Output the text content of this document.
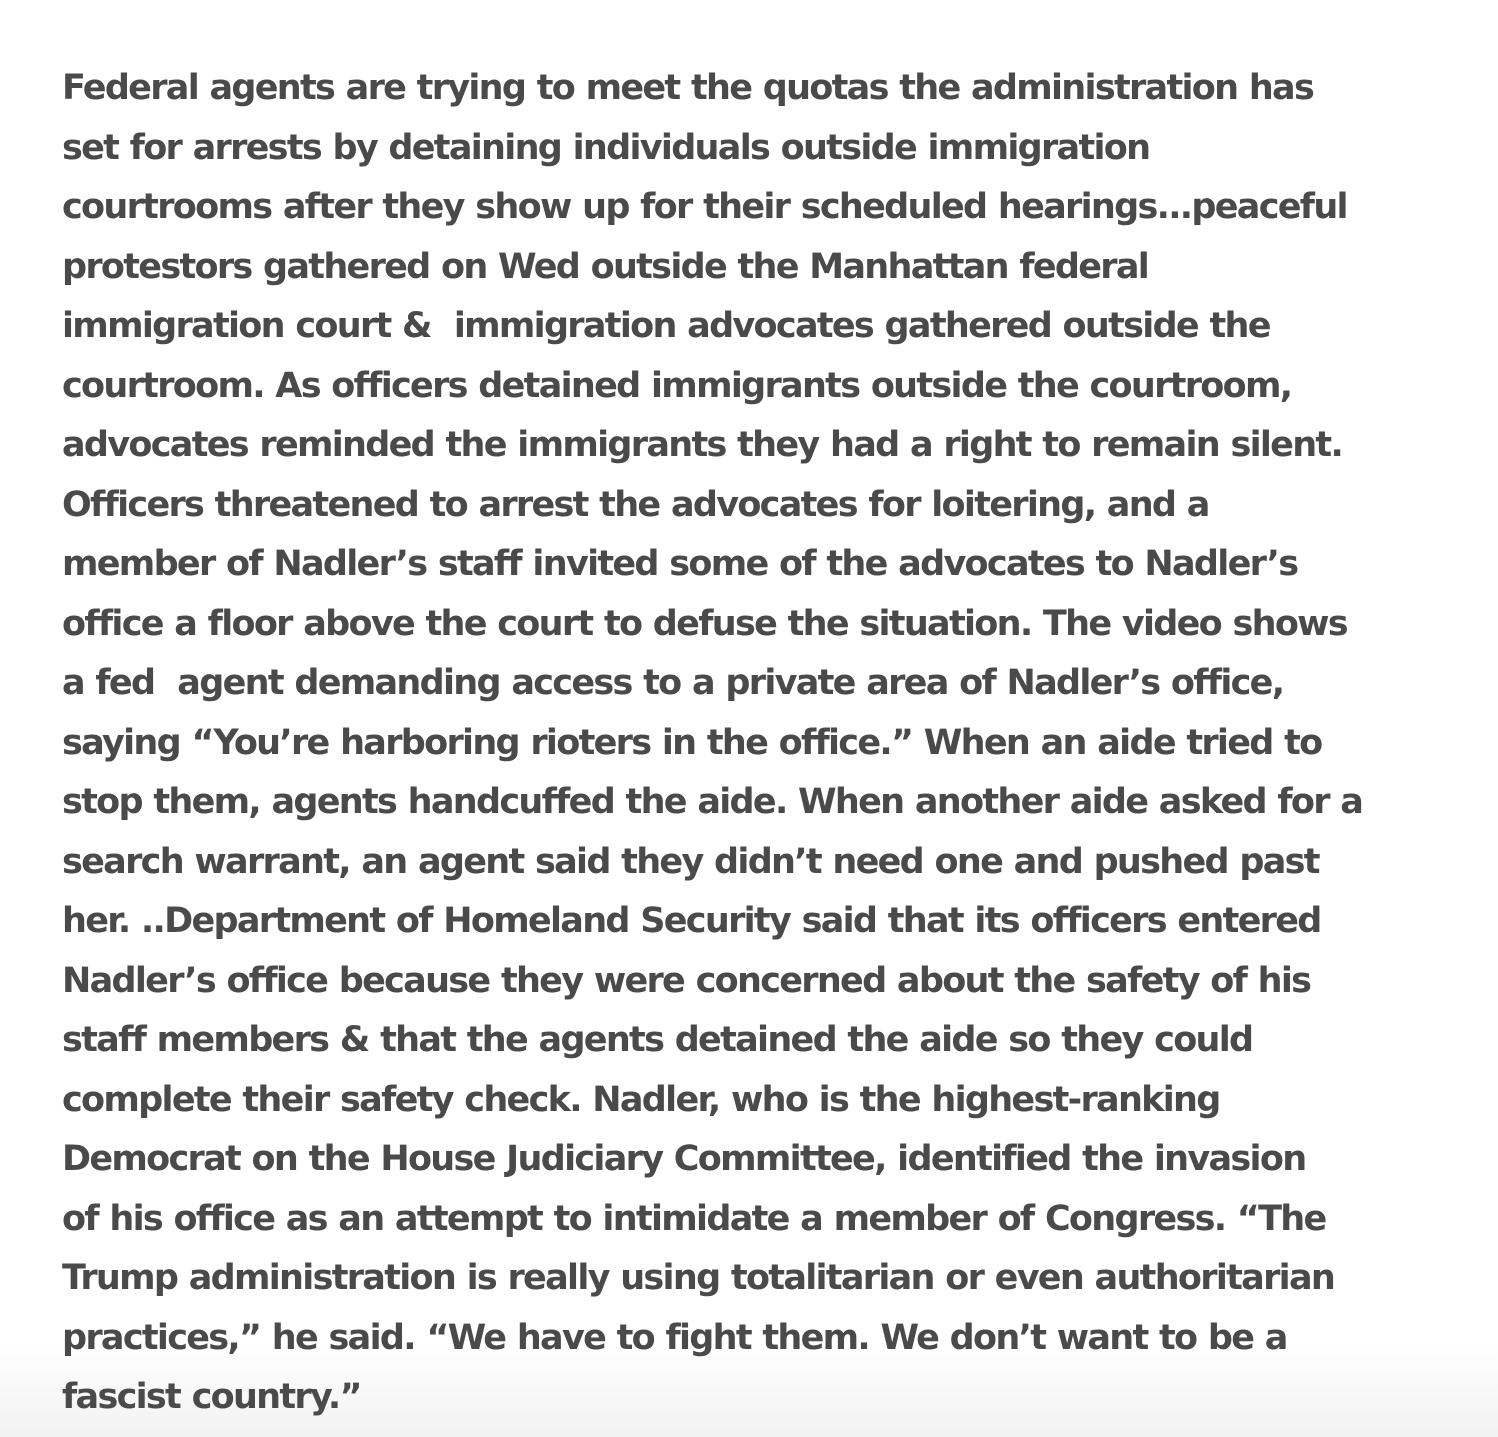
Federal agents are trying to meet the quotas the administration has
set for arrests by detaining individuals outside immigration
courtrooms after they show up for their scheduled hearings...peaceful
protestors gathered on Wed outside the Manhattan federal
immigration court &  immigration advocates gathered outside the
courtroom. As officers detained immigrants outside the courtroom,
advocates reminded the immigrants they had a right to remain silent.
Officers threatened to arrest the advocates for loitering, and a
member of Nadler’s staff invited some of the advocates to Nadler’s
office a floor above the court to defuse the situation. The video shows
a fed  agent demanding access to a private area of Nadler’s office,
saying “You’re harboring rioters in the office.” When an aide tried to
stop them, agents handcuffed the aide. When another aide asked for a
search warrant, an agent said they didn’t need one and pushed past
her. ..Department of Homeland Security said that its officers entered
Nadler’s office because they were concerned about the safety of his
staff members & that the agents detained the aide so they could
complete their safety check. Nadler, who is the highest-ranking
Democrat on the House Judiciary Committee, identified the invasion
of his office as an attempt to intimidate a member of Congress. “The
Trump administration is really using totalitarian or even authoritarian
practices,” he said. “We have to fight them. We don’t want to be a
fascist country.”
